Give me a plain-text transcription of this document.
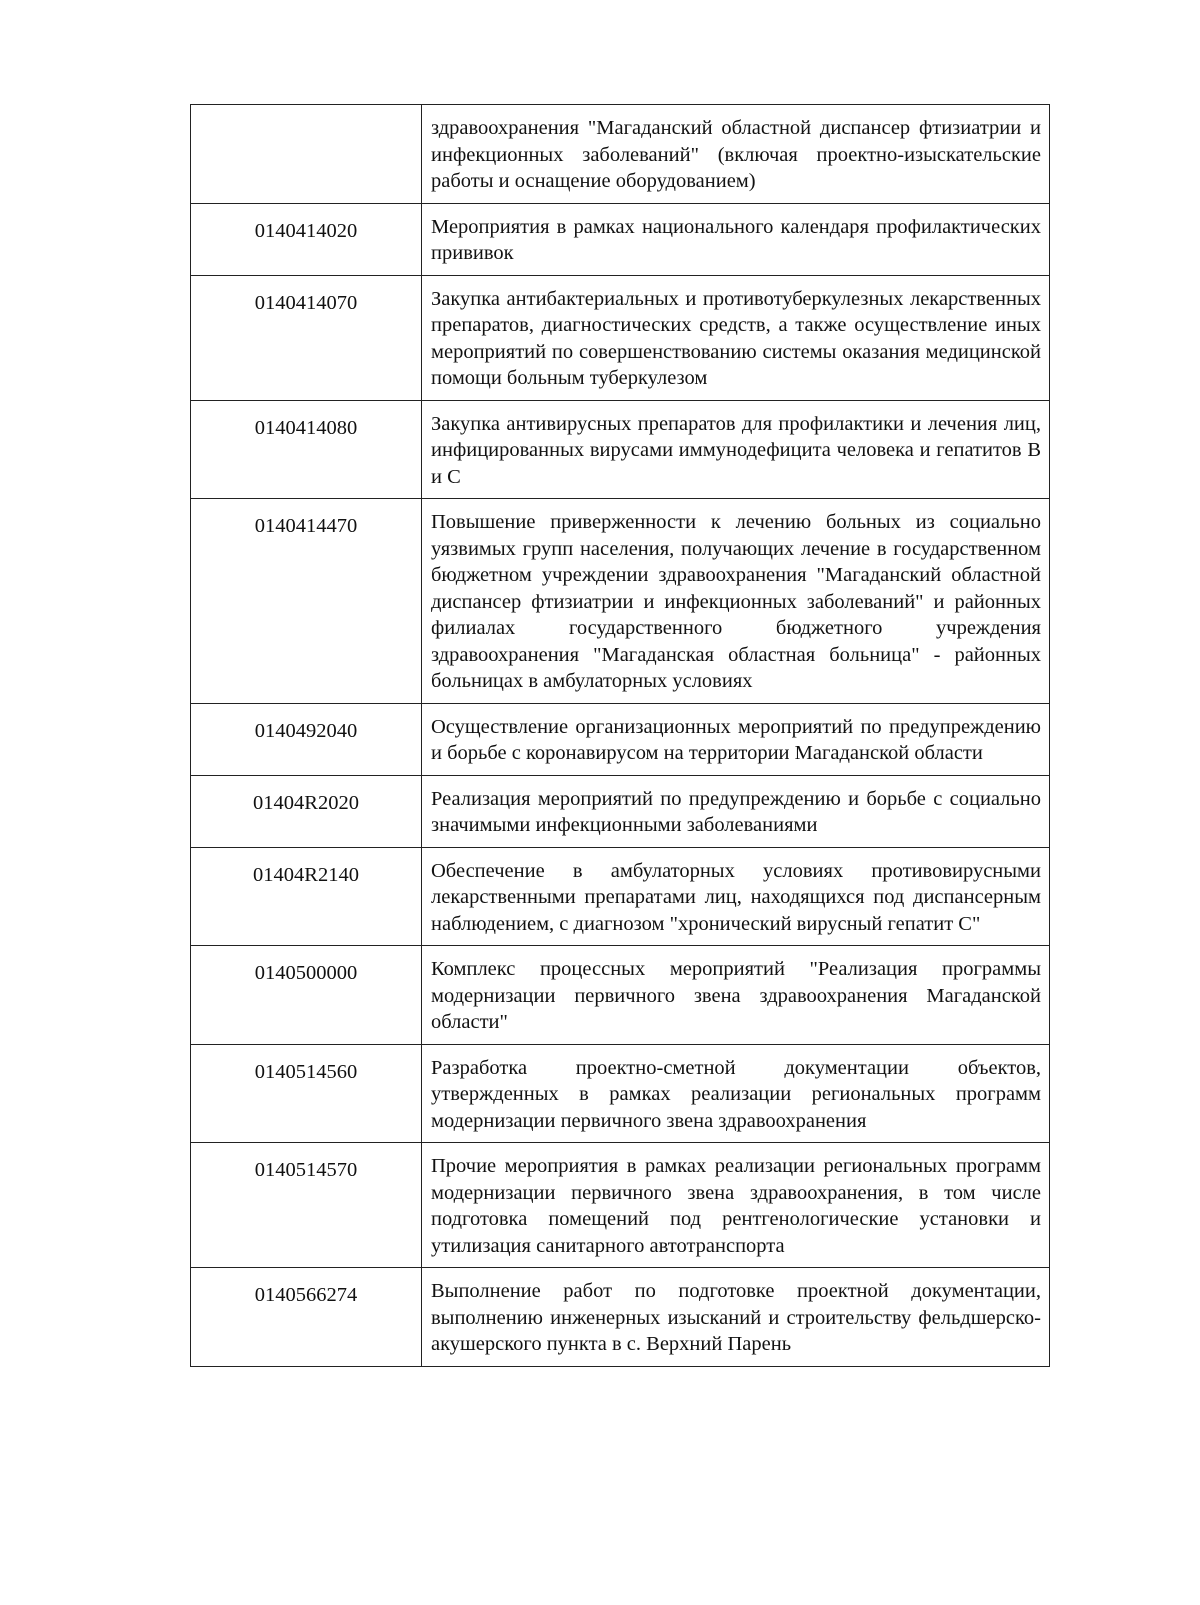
	здравоохранения "Магаданский областной диспансер фтизиатрии и инфекционных заболеваний" (включая проектно-изыскательские работы и оснащение оборудованием)
0140414020	Мероприятия в рамках национального календаря профилактических прививок
0140414070	Закупка антибактериальных и противотуберкулезных лекарственных препаратов, диагностических средств, а также осуществление иных мероприятий по совершенствованию системы оказания медицинской помощи больным туберкулезом
0140414080	Закупка антивирусных препаратов для профилактики и лечения лиц, инфицированных вирусами иммунодефицита человека и гепатитов В и С
0140414470	Повышение приверженности к лечению больных из социально уязвимых групп населения, получающих лечение в государственном бюджетном учреждении здравоохранения "Магаданский областной диспансер фтизиатрии и инфекционных заболеваний" и районных филиалах государственного бюджетного учреждения здравоохранения "Магаданская областная больница" - районных больницах в амбулаторных условиях
0140492040	Осуществление организационных мероприятий по предупреждению и борьбе с коронавирусом на территории Магаданской области
01404R2020	Реализация мероприятий по предупреждению и борьбе с социально значимыми инфекционными заболеваниями
01404R2140	Обеспечение в амбулаторных условиях противовирусными лекарственными препаратами лиц, находящихся под диспансерным наблюдением, с диагнозом "хронический вирусный гепатит С"
0140500000	Комплекс процессных мероприятий "Реализация программы модернизации первичного звена здравоохранения Магаданской области"
0140514560	Разработка проектно-сметной документации объектов, утвержденных в рамках реализации региональных программ модернизации первичного звена здравоохранения
0140514570	Прочие мероприятия в рамках реализации региональных программ модернизации первичного звена здравоохранения, в том числе подготовка помещений под рентгенологические установки и утилизация санитарного автотранспорта
0140566274	Выполнение работ по подготовке проектной документации, выполнению инженерных изысканий и строительству фельдшерско-акушерского пункта в с. Верхний Парень
